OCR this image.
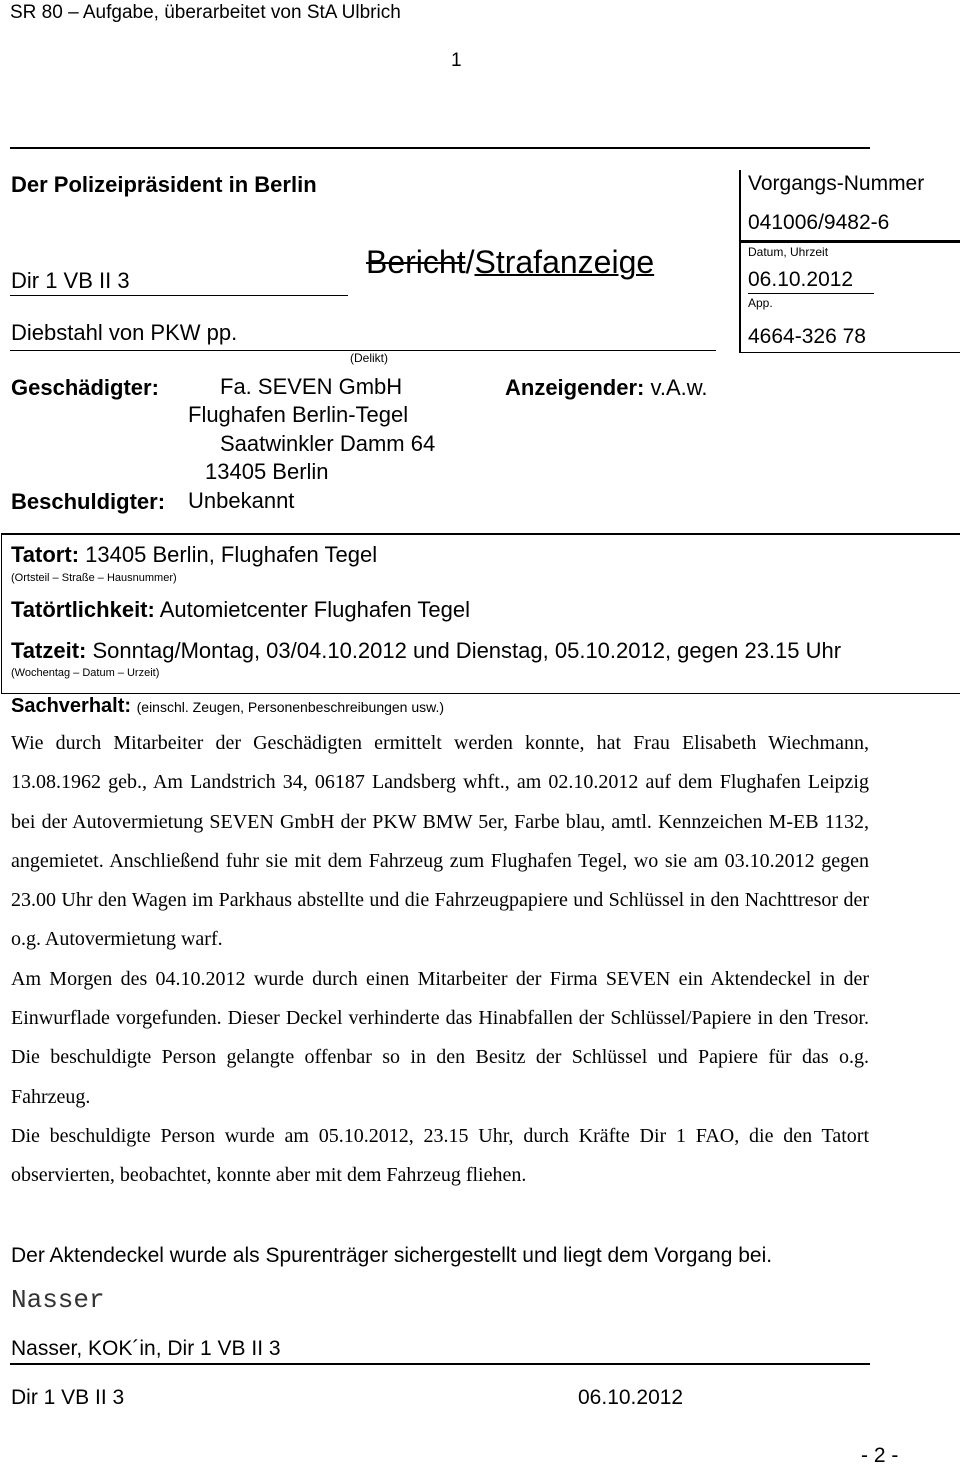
SR 80 – Aufgabe, überarbeitet von StA Ulbrich
1
Der Polizeipräsident in Berlin
Dir 1 VB II 3
Bericht/Strafanzeige
Diebstahl von PKW pp.
(Delikt)
Vorgangs-Nummer
041006/9482-6
Datum, Uhrzeit
06.10.2012
App.
4664-326 78
Geschädigter:	Fa. SEVEN GmbH
Flughafen Berlin-Tegel
Saatwinkler Damm 64
13405 Berlin
Anzeigender: v.A.w.
Beschuldigter: Unbekannt
Tatort: 13405 Berlin, Flughafen Tegel
(Ortsteil – Straße – Hausnummer)
Tatörtlichkeit: Automietcenter Flughafen Tegel
Tatzeit: Sonntag/Montag, 03/04.10.2012 und Dienstag, 05.10.2012, gegen 23.15 Uhr
(Wochentag – Datum – Urzeit)
Sachverhalt: (einschl. Zeugen, Personenbeschreibungen usw.)

Wie durch Mitarbeiter der Geschädigten ermittelt werden konnte, hat Frau Elisabeth Wiechmann, 13.08.1962 geb., Am Landstrich 34, 06187 Landsberg whft., am 02.10.2012 auf dem Flughafen Leipzig bei der Autovermietung SEVEN GmbH der PKW BMW 5er, Farbe blau, amtl. Kennzeichen M-EB 1132, angemietet. Anschließend fuhr sie mit dem Fahrzeug zum Flughafen Tegel, wo sie am 03.10.2012 gegen 23.00 Uhr den Wagen im Parkhaus abstellte und die Fahrzeugpapiere und Schlüssel in den Nachttresor der o.g. Autovermietung warf.

Am Morgen des 04.10.2012 wurde durch einen Mitarbeiter der Firma SEVEN ein Aktendeckel in der Einwurflade vorgefunden. Dieser Deckel verhinderte das Hinabfallen der Schlüssel/Papiere in den Tresor. Die beschuldigte Person gelangte offenbar so in den Besitz der Schlüssel und Papiere für das o.g. Fahrzeug.

Die beschuldigte Person wurde am 05.10.2012, 23.15 Uhr, durch Kräfte Dir 1 FAO, die den Tatort observierten, beobachtet, konnte aber mit dem Fahrzeug fliehen.

Der Aktendeckel wurde als Spurenträger sichergestellt und liegt dem Vorgang bei.
Nasser
Nasser, KOK´in, Dir 1 VB II 3
Dir 1 VB II 3	06.10.2012
- 2 -
